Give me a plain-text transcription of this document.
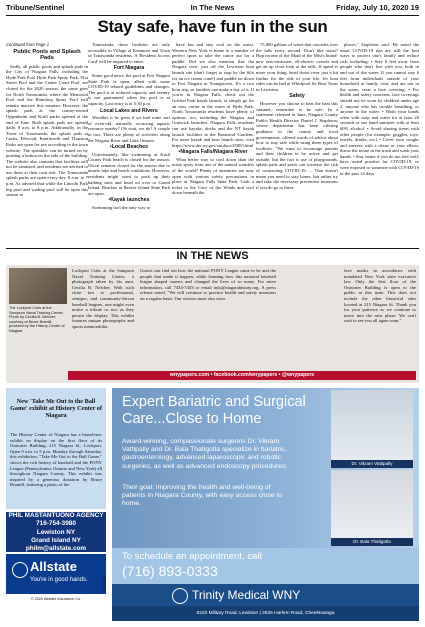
Tribune/Sentinel	In The News	Friday, July 10, 2020 19
Stay safe, have fun in the sun
Continued from Page 1
Public Pools and Splash Pads

Sadly, all public pools and splash pads in the City of Niagara Falls, including the Hyde Park Pool Hyde Park Spray Park, 91st Street Pool and the Center Court Pool, are closed for the 2020 season, the same goes for North Tonawanda, where the Memorial Pool and the Raindrop Spray Pool will remain inactive this summer. However, the splash pads at the county-owned Oppenheim and Krull parks opened at the end of June. Both splash pads are opened daily, 8 a.m. to 8 p.m. Additionally, in the Town of Tonawanda, the splash pads at Curtis, Ellwood, Kenilworth and Thurston Parks are open for use according to the town website. The sprinkler can be turned on by pushing a button on the side of the building. The website also cautions that facilities will not be sanitized, and residents are advised to use them at their own risk. The Tonawanda splash parks are open every day, 8 a.m. to 7 p.m. As advised that while the Lincoln Park big pool and wading pool will be open this season in

Tonawanda, these facilities are only accessible to Village of Kenmore and Town of Tonawanda residents. A 'Resident Access Card' will be required to enter.

Fort Niagara

Some good news, the pool at Fort Niagara State Park is open, albeit with some COVID-19 related guidelines and changes. The pool is at reduced capacity and reentry is not guaranteed when the pool is at capacity. Last entry is at 5:30 p.m.

Local Lakes and Rivers

Wouldn't it be great if we had some sort of even-old, naturally occurring aquatic resource nearby? Oh wait, we do! A couple in fact. There are plenty of activities along the Niagara River and Lake Ontario.

•Local Beaches

Unfortunately, like swimming at Krull County Park beach is closed for the season. Olcott remains closed for the season due to unsafe lake and beach conditions. However, residents might want to pack up their bathing suits and head on over to Grand Island. Beaches at Beaver Island State Park are open.

•Kayak launches

Swimming isn't the only way to

have fun and stay cool on the water. Western New York is home to a number of perfect spots to take the canoe out for a paddle. Did we also mention that the Niagara river, just off the Lewiston boat launch site (don't forget to stop by the Silo for an ice cream cone!) and paddle on down to Fort Niagara in Youngstown. It's a two hour trip, so families can make a day of it. If you're in Niagara Falls, check out the Griffon Park kayak launch, or simply go for an easy cruise in the water at Hyde Park. North Tonawanda residents have plenty of options, too, including the Niagara and Gratwick launches. Niagara Falls residents can use kayaks, docks and the NT kayak launch facilities at the Botanical Gardens. For more kayak and boat launch sites, visit https://www.dec.ny.gov/outdoor/25803.html

•Niagara Falls/Niagara River

What better way to cool down than the misty spray from one of the natural wonders of the world? Plenty of amenities are now open with various safety precautions in place at Niagara Falls State Park. Grab a ticket to the Cave of the Winds and cool down beneath the

75,000 gallons of water that cascades over the falls every second. Don't like stairs? Hop on one of the Maid of the Mist's brand-new zero-emission, all-electric vessels and get an up close look at the falls. If speed is more your thing, head down river just a bit further for the ride of your life. Jet boat rides can be had at Whirlpool Jet Boat Tours in Lewiston.

Safety

However you choose to beat the heat this summer, remember to be safe. In a statement released in June, Niagara County Public Health Director Daniel J. Stapleton, whose department has been offering guidance to the county and local governments, offered words of advice about how to stay safe while using these types of facilities. "We want to encourage parents and their children to be active and get outside, but the fact is use of playgrounds, splash pads and pools can increase the risk of contracting COVID-19. ... That doesn't mean you need to stay home, but rather try and take the necessary preventive measures if you do go to these

places," Stapleton said. He noted the usual COVID-19 tips are still the best ways to protect one's family and reduce risk, including: • Stay 6 feet away from people who don't live with you, both in and out of the water. If you cannot stay 6 feet from individuals outside of your household at family visit, and are not in the water, wear a face covering. • For health and safety concerns, face coverings should not be worn by children under age 2, anyone who has trouble breathing, or anyone in the water. • Wash your hands often with soap and water for at least 20 seconds or use hand sanitizer with at least 60% alcohol. • Avoid sharing items with other people (for example: goggles, toys, towels, drinks, etc.) • Cover your coughs and sneezes with a tissue or your elbow, throw the tissue in the trash and wash your hands. • Stay home if you do not feel well, have tested positive for COVID-19, or were exposed to someone with COVID-19 in the past 14 days.

IN THE NEWS
The Lockport Cubs at the Sampson Naval Training Center. Photo by Cecilia B. Nelcher, courtesy of Bruce Bramill, provided by the History Center of Niagara
Lockport Cubs at the Sampson Naval Training Center, a photograph taken by his aunt, Cecilia B. Nelcher. With such close ties to professional, semipro, and community-driven baseball leagues, one might even notice a tribute or two as they peruse the display. This exhibit features unique photographs and sports memorabilia.
Guests can find out how the national PONY League came to be and the people that made it happen, while learning how this national baseball league shaped careers and changed the lives of so many. For more information, call 7434-7433 or email info@niagarahistory.org. A press release noted, "We will continue to practice health and safety measures on a regular basis. Our visitors must also wear
face masks in accordance with mandated New York state executive law. Only the first floor of the Outwater Building is open to the public at this time. This does not include the other historical sites located at 215 Niagara St. Thank you for your patience as we continue to move into the next phase. We can't wait to see you all again soon."
wnypapers.com • facebook.com/wnypapers • @wnypapers
New 'Take Me Out to the Ball Game' exhibit at History Center of Niagara
The History Center of Niagara has a brand-new exhibit on display on the first floor of its Outwater Building, 215 Niagara St., Lockport. Open 9 a.m. to 5 p.m. Monday through Saturday, this exhibition, "Take Me Out to the Ball Game," shows the rich history of baseball and the PONY League (Pennsylvania, Ontario and New York) all throughout Niagara County. This exhibit was inspired by a generous donation by Bruce Bramill, featuring a photo of the
PHIL MASTANTUONO AGENCY
716-754-3980
Lewiston NY
Grand Island NY
philm@allstate.com
Allstate
You're in good hands.
© 2020 Allstate Insurance Co.
12471519
Expert Bariatric and Surgical Care...Close to Home
Award-winning, compassionate surgeons Dr. Vikram Vattipally and Dr. Bala Thatigotla specialize in bariatric, gastroenterology, advanced laparoscopic and robotic surgeries, as well as advanced endoscopy procedures.
Their goal: improving the health and well-being of patients in Niagara County, with easy access close to home.
Dr. Vikram Vattipally
Dr. Bala Thatigotla
To schedule an appointment, call
(716) 893-0333
Trinity Medical WNY
5320 Military Road, Lewiston | 2625 Harlem Road, Cheektowaga
